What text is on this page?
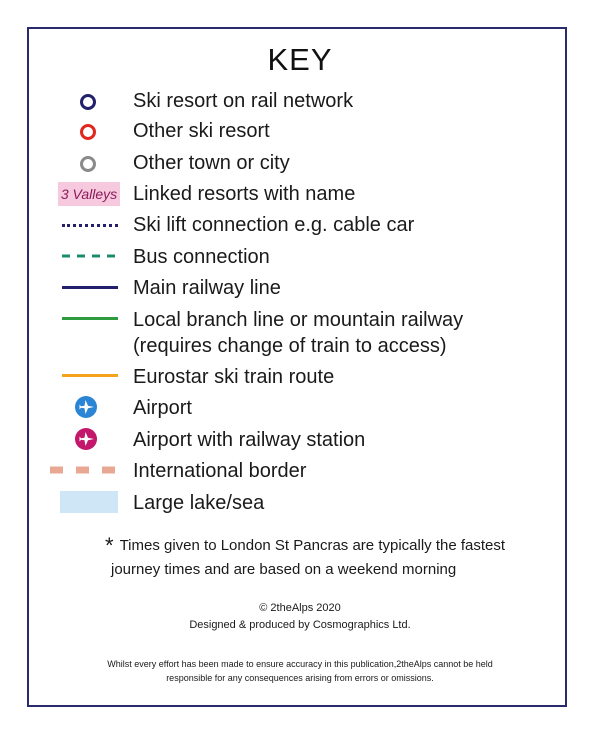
KEY
Ski resort on rail network
Other ski resort
Other town or city
3 Valleys Linked resorts with name
Ski lift connection e.g. cable car
Bus connection
Main railway line
Local branch line or mountain railway
(requires change of train to access)
Eurostar ski train route
Airport
Airport with railway station
International border
Large lake/sea
* Times given to London St Pancras are typically the fastest
journey times and are based on a weekend morning
© 2theAlps 2020
Designed & produced by Cosmographics Ltd.
Whilst every effort has been made to ensure accuracy in this publication,2theAlps cannot be held
responsible for any consequences arising from errors or omissions.
